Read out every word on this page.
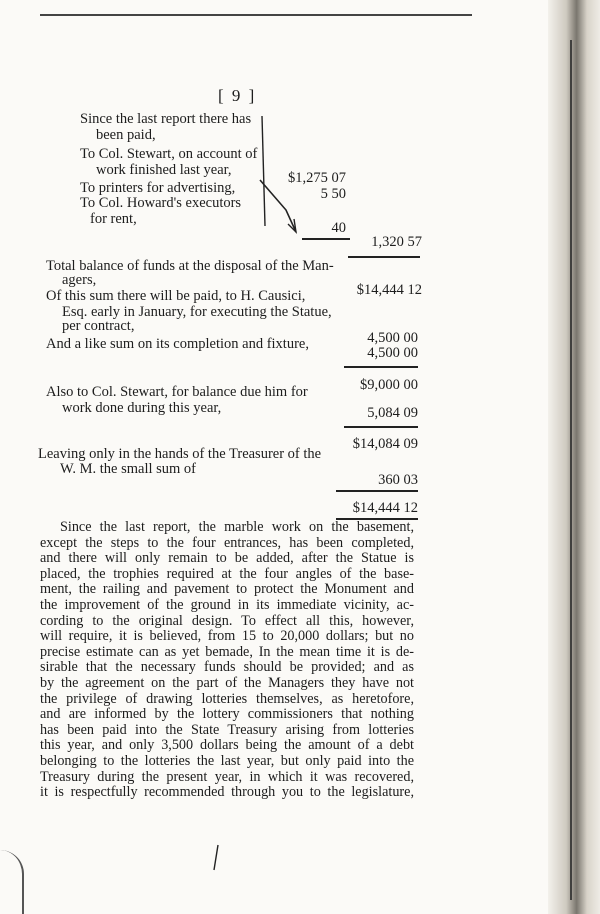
[ 9 ]
Since the last report there has
been paid,
To Col. Stewart, on account of
work finished last year,
To printers for advertising,
To Col. Howard's executors
for rent,
$1,275 07
5 50
40
1,320 57
Total balance of funds at the disposal of the Man-
agers,
Of this sum there will be paid, to H. Causici,
Esq. early in January, for executing the Statue,
per contract,
And a like sum on its completion and fixture,
$14,444 12
4,500 00
4,500 00
Also to Col. Stewart, for balance due him for
work done during this year,
$9,000 00
5,084 09
Leaving only in the hands of the Treasurer of the
W. M. the small sum of
$14,084 09
360 03
$14,444 12
Since the last report, the marble work on the basement,
except the steps to the four entrances, has been completed,
and there will only remain to be added, after the Statue is
placed, the trophies required at the four angles of the base-
ment, the railing and pavement to protect the Monument and
the improvement of the ground in its immediate vicinity, ac-
cording to the original design. To effect all this, however,
will require, it is believed, from 15 to 20,000 dollars; but no
precise estimate can as yet bemade, In the mean time it is de-
sirable that the necessary funds should be provided; and as
by the agreement on the part of the Managers they have not
the privilege of drawing lotteries themselves, as heretofore,
and are informed by the lottery commissioners that nothing
has been paid into the State Treasury arising from lotteries
this year, and only 3,500 dollars being the amount of a debt
belonging to the lotteries the last year, but only paid into the
Treasury during the present year, in which it was recovered,
it is respectfully recommended through you to the legislature,
